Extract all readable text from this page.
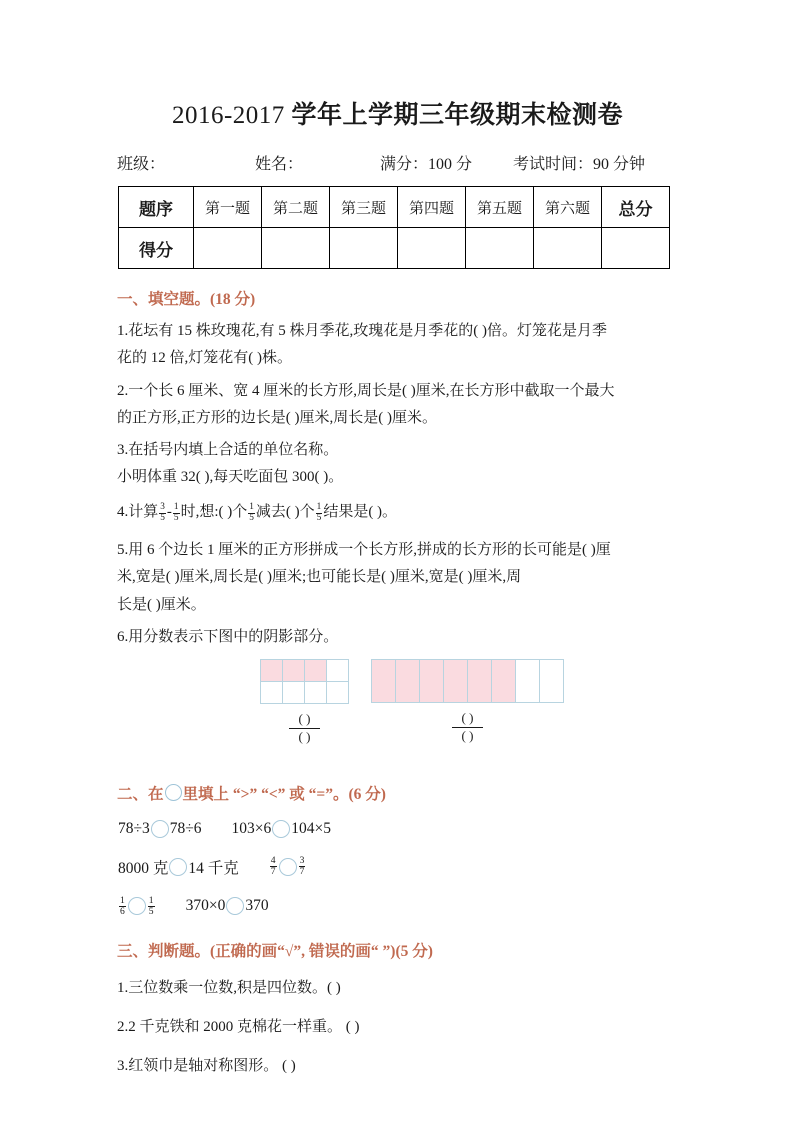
2016-2017 学年上学期三年级期末检测卷
班级：	姓名：	满分：100 分	考试时间：90 分钟
题序	第一题	第二题	第三题	第四题	第五题	第六题	总分
得分							
一、填空题。(18 分)

1.花坛有 15 株玫瑰花,有 5 株月季花,玫瑰花是月季花的( )倍。灯笼花是月季

花的 12 倍,灯笼花有( )株。

2.一个长 6 厘米、宽 4 厘米的长方形,周长是( )厘米,在长方形中截取一个最大

的正方形,正方形的边长是( )厘米,周长是( )厘米。

3.在括号内填上合适的单位名称。

小明体重 32( ),每天吃面包 300( )。

4.计算 $\frac{3}{5} - \frac{1}{5}$ 时,想:( )个 $\frac{1}{5}$ 减去( )个 $\frac{1}{5}$ 结果是( )。

5.用 6 个边长 1 厘米的正方形拼成一个长方形,拼成的长方形的长可能是( )厘

米,宽是( )厘米,周长是( )厘米;也可能长是( )厘米,宽是( )厘米,周

长是( )厘米。

6.用分数表示下图中的阴影部分。

$\frac{( )}{( )}$
								$\frac{( )}{( )}$
二、在 里填上 “>” “<” 或 “=”。(6 分)
78÷3 78÷6 103×6 104×5
8000 克 14 千克	$\frac{4}{7} \frac{3}{7}$
$\frac{1}{6} \frac{1}{5} 370\times 0$ 370
三、判断题。(正确的画“√”, 错误的画“ ”)(5 分)

1.三位数乘一位数,积是四位数。( )

2.2 千克铁和 2000 克棉花一样重。 ( )

3.红领巾是轴对称图形。 ( )
